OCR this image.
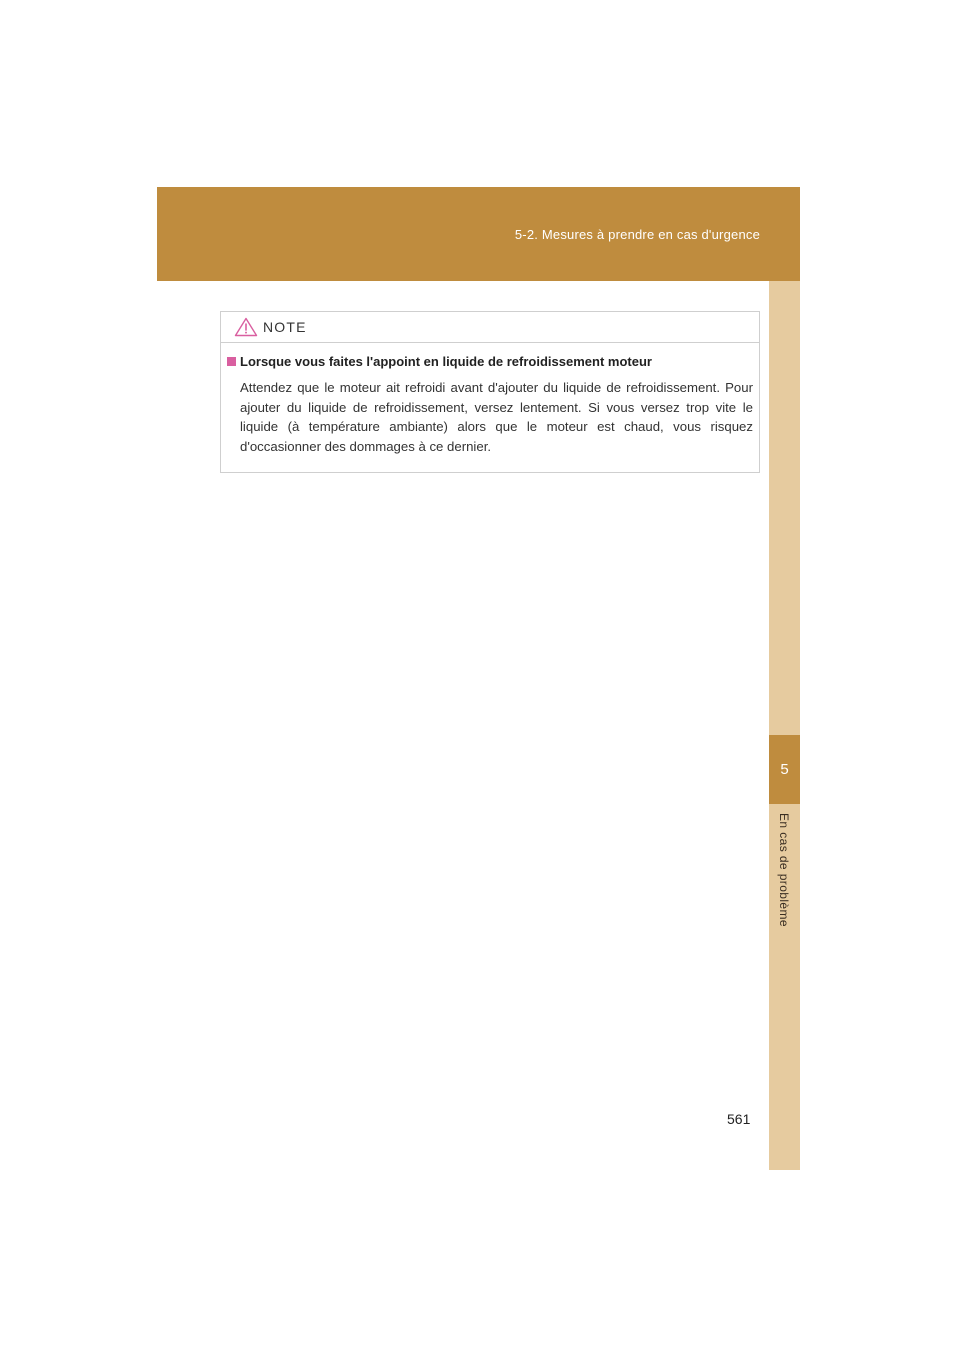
5-2. Mesures à prendre en cas d'urgence
5
En cas de problème
NOTE
Lorsque vous faites l'appoint en liquide de refroidissement moteur

Attendez que le moteur ait refroidi avant d'ajouter du liquide de refroidissement. Pour ajouter du liquide de refroidissement, versez lentement. Si vous versez trop vite le liquide (à température ambiante) alors que le moteur est chaud, vous risquez d'occasionner des dommages à ce dernier.

561
